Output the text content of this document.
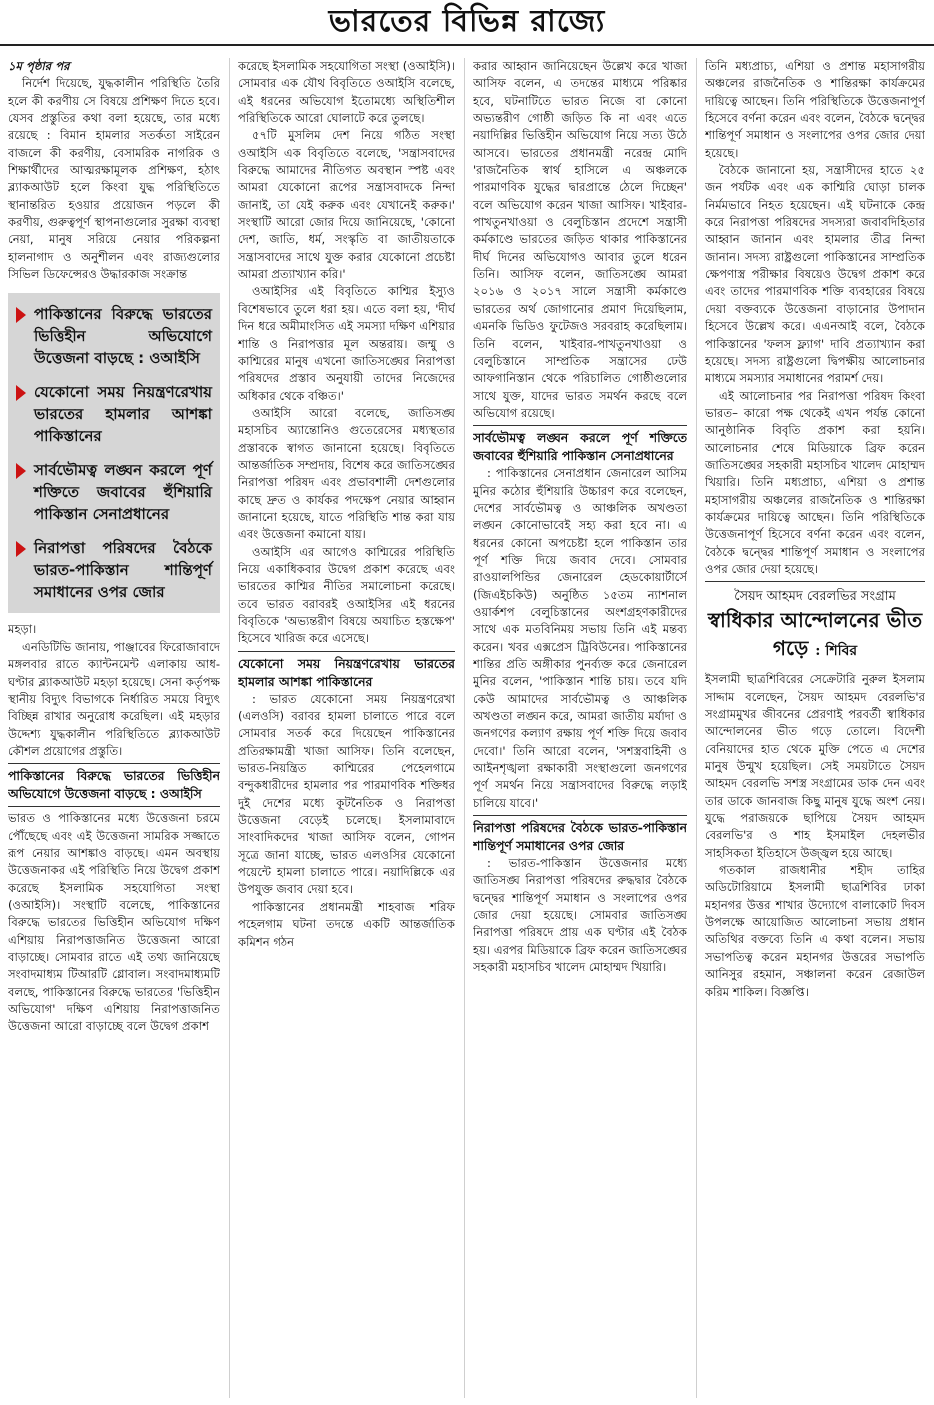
ভারতের বিভিন্ন রাজ্যে

১ম পৃষ্ঠার পর

নির্দেশ দিয়েছে, যুদ্ধকালীন পরিস্থিতি তৈরি হলে কী করণীয় সে বিষয়ে প্রশিক্ষণ দিতে হবে। যেসব প্রস্তুতির কথা বলা হয়েছে, তার মধ্যে রয়েছে : বিমান হামলার সতর্কতা সাইরেন বাজলে কী করণীয়, বেসামরিক নাগরিক ও শিক্ষার্থীদের আত্মরক্ষামূলক প্রশিক্ষণ, হঠাৎ ব্ল্যাকআউট হলে কিংবা যুদ্ধ পরিস্থিতিতে স্থানান্তরিত হওয়ার প্রয়োজন পড়লে কী করণীয়, গুরুত্বপূর্ণ স্থাপনাগুলোর সুরক্ষা ব্যবস্থা নেয়া, মানুষ সরিয়ে নেয়ার পরিকল্পনা হালনাগাদ ও অনুশীলন এবং রাজ্যগুলোর সিভিল ডিফেন্সেরও উদ্ধারকাজ সংক্রান্ত

পাকিস্তানের বিরুদ্ধে ভারতের ভিত্তিহীন অভিযোগে উত্তেজনা বাড়ছে : ওআইসি
যেকোনো সময় নিয়ন্ত্রণরেখায় ভারতের হামলার আশঙ্কা পাকিস্তানের
সার্বভৌমত্ব লঙ্ঘন করলে পূর্ণ শক্তিতে জবাবের হুঁশিয়ারি পাকিস্তান সেনাপ্রধানের
নিরাপত্তা পরিষদের বৈঠকে ভারত-পাকিস্তান শান্তিপূর্ণ সমাধানের ওপর জোর

মহড়া।

এনডিটিভি জানায়, পাঞ্জাবের ফিরোজাবাদে মঙ্গলবার রাতে ক্যান্টনমেন্ট এলাকায় আধ-ঘণ্টার ব্ল্যাকআউট মহড়া হয়েছে। সেনা কর্তৃপক্ষ স্থানীয় বিদ্যুৎ বিভাগকে নির্ধারিত সময়ে বিদ্যুৎ বিচ্ছিন্ন রাখার অনুরোধ করেছিল। এই মহড়ার উদ্দেশ্য যুদ্ধকালীন পরিস্থিতিতে ব্ল্যাকআউট কৌশল প্রয়োগের প্রস্তুতি।

পাকিস্তানের বিরুদ্ধে ভারতের ভিত্তিহীন অভিযোগে উত্তেজনা বাড়ছে : ওআইসি

ভারত ও পাকিস্তানের মধ্যে উত্তেজনা চরমে পৌঁছেছে এবং এই উত্তেজনা সামরিক সজ্জাতে রূপ নেয়ার আশঙ্কাও বাড়ছে। এমন অবস্থায় উত্তেজনাকর এই পরিস্থিতি নিয়ে উদ্বেগ প্রকাশ করেছে ইসলামিক সহযোগিতা সংস্থা (ওআইসি)। সংস্থাটি বলেছে, পাকিস্তানের বিরুদ্ধে ভারতের ভিত্তিহীন অভিযোগ দক্ষিণ এশিয়ায় নিরাপত্তাজনিত উত্তেজনা আরো বাড়াচ্ছে। সোমবার রাতে এই তথ্য জানিয়েছে সংবাদমাধ্যম টিআরটি গ্লোবাল। সংবাদমাধ্যমটি বলছে, পাকিস্তানের বিরুদ্ধে ভারতের 'ভিত্তিহীন অভিযোগ' দক্ষিণ এশিয়ায় নিরাপত্তাজনিত উত্তেজনা আরো বাড়াচ্ছে বলে উদ্বেগ প্রকাশ

করেছে ইসলামিক সহযোগিতা সংস্থা (ওআইসি)। সোমবার এক যৌথ বিবৃতিতে ওআইসি বলেছে, এই ধরনের অভিযোগ ইতোমধ্যে অস্থিতিশীল পরিস্থিতিকে আরো ঘোলাটে করে তুলছে।

৫৭টি মুসলিম দেশ নিয়ে গঠিত সংস্থা ওআইসি এক বিবৃতিতে বলেছে, 'সন্ত্রাসবাদের বিরুদ্ধে আমাদের নীতিগত অবস্থান স্পষ্ট এবং আমরা যেকোনো রূপের সন্ত্রাসবাদকে নিন্দা জানাই, তা যেই করুক এবং যেখানেই করুক।' সংস্থাটি আরো জোর দিয়ে জানিয়েছে, 'কোনো দেশ, জাতি, ধর্ম, সংস্কৃতি বা জাতীয়তাকে সন্ত্রাসবাদের সাথে যুক্ত করার যেকোনো প্রচেষ্টা আমরা প্রত্যাখ্যান করি।'

ওআইসির এই বিবৃতিতে কাশ্মির ইস্যুও বিশেষভাবে তুলে ধরা হয়। এতে বলা হয়, 'দীর্ঘ দিন ধরে অমীমাংসিত এই সমস্যা দক্ষিণ এশিয়ার শান্তি ও নিরাপত্তার মূল অন্তরায়। জম্মু ও কাশ্মিরের মানুষ এখনো জাতিসঙ্ঘের নিরাপত্তা পরিষদের প্রস্তাব অনুযায়ী তাদের নিজেদের অধিকার থেকে বঞ্চিত।'

ওআইসি আরো বলেছে, জাতিসঙ্ঘ মহাসচিব অ্যান্তোনিও গুতেরেসের মধ্যস্থতার প্রস্তাবকে স্বাগত জানানো হয়েছে। বিবৃতিতে আন্তর্জাতিক সম্প্রদায়, বিশেষ করে জাতিসঙ্ঘের নিরাপত্তা পরিষদ এবং প্রভাবশালী দেশগুলোর কাছে দ্রুত ও কার্যকর পদক্ষেপ নেয়ার আহ্বান জানানো হয়েছে, যাতে পরিস্থিতি শান্ত করা যায় এবং উত্তেজনা কমানো যায়।

ওআইসি এর আগেও কাশ্মিরের পরিস্থিতি নিয়ে একাধিকবার উদ্বেগ প্রকাশ করেছে এবং ভারতের কাশ্মির নীতির সমালোচনা করেছে। তবে ভারত বরাবরই ওআইসির এই ধরনের বিবৃতিকে 'অভ্যন্তরীণ বিষয়ে অযাচিত হস্তক্ষেপ' হিসেবে খারিজ করে এসেছে।

যেকোনো সময় নিয়ন্ত্রণরেখায় ভারতের হামলার আশঙ্কা পাকিস্তানের

: ভারত যেকোনো সময় নিয়ন্ত্রণরেখা (এলওসি) বরাবর হামলা চালাতে পারে বলে সোমবার সতর্ক করে দিয়েছেন পাকিস্তানের প্রতিরক্ষামন্ত্রী খাজা আসিফ। তিনি বলেছেন, ভারত-নিয়ন্ত্রিত কাশ্মিরের পেহেলগামে বন্দুকধারীদের হামলার পর পারমাণবিক শক্তিধর দুই দেশের মধ্যে কূটনৈতিক ও নিরাপত্তা উত্তেজনা বেড়েই চলেছে। ইসলামাবাদে সাংবাদিকদের খাজা আসিফ বলেন, গোপন সূত্রে জানা যাচ্ছে, ভারত এলওসির যেকোনো পয়েন্টে হামলা চালাতে পারে। নয়াদিল্লিকে এর উপযুক্ত জবাব দেয়া হবে।

পাকিস্তানের প্রধানমন্ত্রী শাহবাজ শরিফ পহেলগাম ঘটনা তদন্তে একটি আন্তর্জাতিক কমিশন গঠন

করার আহ্বান জানিয়েছেন উল্লেখ করে খাজা আসিফ বলেন, এ তদন্তের মাধ্যমে পরিষ্কার হবে, ঘটনাটিতে ভারত নিজে বা কোনো অভ্যন্তরীণ গোষ্ঠী জড়িত কি না এবং এতে নয়াদিল্লির ভিত্তিহীন অভিযোগ নিয়ে সত্য উঠে আসবে। ভারতের প্রধানমন্ত্রী নরেন্দ্র মোদি 'রাজনৈতিক স্বার্থ হাসিলে এ অঞ্চলকে পারমাণবিক যুদ্ধের দ্বারপ্রান্তে ঠেলে দিচ্ছেন' বলে অভিযোগ করেন খাজা আসিফ। খাইবার-পাখতুনখাওয়া ও বেলুচিস্তান প্রদেশে সন্ত্রাসী কর্মকাণ্ডে ভারতের জড়িত থাকার পাকিস্তানের দীর্ঘ দিনের অভিযোগও আবার তুলে ধরেন তিনি। আসিফ বলেন, জাতিসঙ্ঘে আমরা ২০১৬ ও ২০১৭ সালে সন্ত্রাসী কর্মকাণ্ডে ভারতের অর্থ জোগানোর প্রমাণ দিয়েছিলাম, এমনকি ভিডিও ফুটেজও সরবরাহ করেছিলাম। তিনি বলেন, খাইবার-পাখতুনখাওয়া ও বেলুচিস্তানে সাম্প্রতিক সন্ত্রাসের ঢেউ আফগানিস্তান থেকে পরিচালিত গোষ্ঠীগুলোর সাথে যুক্ত, যাদের ভারত সমর্থন করছে বলে অভিযোগ রয়েছে।

সার্বভৌমত্ব লঙ্ঘন করলে পূর্ণ শক্তিতে জবাবের হুঁশিয়ারি পাকিস্তান সেনাপ্রধানের

: পাকিস্তানের সেনাপ্রধান জেনারেল আসিম মুনির কঠোর হুঁশিয়ারি উচ্চারণ করে বলেছেন, দেশের সার্বভৌমত্ব ও আঞ্চলিক অখণ্ডতা লঙ্ঘন কোনোভাবেই সহ্য করা হবে না। এ ধরনের কোনো অপচেষ্টা হলে পাকিস্তান তার পূর্ণ শক্তি দিয়ে জবাব দেবে। সোমবার রাওয়ালপিন্ডির জেনারেল হেডকোয়ার্টার্সে (জিএইচকিউ) অনুষ্ঠিত ১৫তম ন্যাশনাল ওয়ার্কশপ বেলুচিস্তানের অংশগ্রহণকারীদের সাথে এক মতবিনিময় সভায় তিনি এই মন্তব্য করেন। খবর এক্সপ্রেস ট্রিবিউনের। পাকিস্তানের শান্তির প্রতি অঙ্গীকার পুনর্ব্যক্ত করে জেনারেল মুনির বলেন, 'পাকিস্তান শান্তি চায়। তবে যদি কেউ আমাদের সার্বভৌমত্ব ও আঞ্চলিক অখণ্ডতা লঙ্ঘন করে, আমরা জাতীয় মর্যাদা ও জনগণের কল্যাণ রক্ষায় পূর্ণ শক্তি দিয়ে জবাব দেবো।' তিনি আরো বলেন, 'সশস্ত্রবাহিনী ও আইনশৃঙ্খলা রক্ষাকারী সংস্থাগুলো জনগণের পূর্ণ সমর্থন নিয়ে সন্ত্রাসবাদের বিরুদ্ধে লড়াই চালিয়ে যাবে।'

নিরাপত্তা পরিষদের বৈঠকে ভারত-পাকিস্তান শান্তিপূর্ণ সমাধানের ওপর জোর

: ভারত-পাকিস্তান উত্তেজনার মধ্যে জাতিসঙ্ঘ নিরাপত্তা পরিষদের রুদ্ধদ্বার বৈঠকে দ্বন্দ্বের শান্তিপূর্ণ সমাধান ও সংলাপের ওপর জোর দেয়া হয়েছে। সোমবার জাতিসঙ্ঘ নিরাপত্তা পরিষদে প্রায় এক ঘণ্টার এই বৈঠক হয়। এরপর মিডিয়াকে ব্রিফ করেন জাতিসঙ্ঘের সহকারী মহাসচিব খালেদ মোহাম্মদ খিয়ারি।

তিনি মধ্যপ্রাচ্য, এশিয়া ও প্রশান্ত মহাসাগরীয় অঞ্চলের রাজনৈতিক ও শান্তিরক্ষা কার্যক্রমের দায়িত্বে আছেন। তিনি পরিস্থিতিকে উত্তেজনাপূর্ণ হিসেবে বর্ণনা করেন এবং বলেন, বৈঠকে দ্বন্দ্বের শান্তিপূর্ণ সমাধান ও সংলাপের ওপর জোর দেয়া হয়েছে।

বৈঠকে জানানো হয়, সন্ত্রাসীদের হাতে ২৫ জন পর্যটক এবং এক কাশ্মিরি ঘোড়া চালক নির্মমভাবে নিহত হয়েছেন। এই ঘটনাকে কেন্দ্র করে নিরাপত্তা পরিষদের সদস্যরা জবাবদিহিতার আহ্বান জানান এবং হামলার তীব্র নিন্দা জানান। সদস্য রাষ্ট্রগুলো পাকিস্তানের সাম্প্রতিক ক্ষেপণাস্ত্র পরীক্ষার বিষয়েও উদ্বেগ প্রকাশ করে এবং তাদের পারমাণবিক শক্তি ব্যবহারের বিষয়ে দেয়া বক্তব্যকে উত্তেজনা বাড়ানোর উপাদান হিসেবে উল্লেখ করে। এএনআই বলে, বৈঠকে পাকিস্তানের 'ফলস ফ্ল্যাগ' দাবি প্রত্যাখ্যান করা হয়েছে। সদস্য রাষ্ট্রগুলো দ্বিপক্ষীয় আলোচনার মাধ্যমে সমস্যার সমাধানের পরামর্শ দেয়।

এই আলোচনার পর নিরাপত্তা পরিষদ কিংবা ভারত– কারো পক্ষ থেকেই এখন পর্যন্ত কোনো আনুষ্ঠানিক বিবৃতি প্রকাশ করা হয়নি। আলোচনার শেষে মিডিয়াকে ব্রিফ করেন জাতিসঙ্ঘের সহকারী মহাসচিব খালেদ মোহাম্মদ খিয়ারি। তিনি মধ্যপ্রাচ্য, এশিয়া ও প্রশান্ত মহাসাগরীয় অঞ্চলের রাজনৈতিক ও শান্তিরক্ষা কার্যক্রমের দায়িত্বে আছেন। তিনি পরিস্থিতিকে উত্তেজনাপূর্ণ হিসেবে বর্ণনা করেন এবং বলেন, বৈঠকে দ্বন্দ্বের শান্তিপূর্ণ সমাধান ও সংলাপের ওপর জোর দেয়া হয়েছে।

সৈয়দ আহমদ বেরলভির সংগ্রাম
স্বাধিকার আন্দোলনের ভীত গড়ে : শিবির

ইসলামী ছাত্রশিবিরের সেক্রেটারি নুরুল ইসলাম সাদ্দাম বলেছেন, সৈয়দ আহমদ বেরলভি'র সংগ্রামমুখর জীবনের প্রেরণাই পরবর্তী স্বাধিকার আন্দোলনের ভীত গড়ে তোলে। বিদেশী বেনিয়াদের হাত থেকে মুক্তি পেতে এ দেশের মানুষ উন্মুখ হয়েছিল। সেই সময়টাতে সৈয়দ আহমদ বেরলভি সশস্ত্র সংগ্রামের ডাক দেন এবং তার ডাকে জানবাজ কিছু মানুষ যুদ্ধে অংশ নেয়। যুদ্ধে পরাজয়কে ছাপিয়ে সৈয়দ আহমদ বেরলভি'র ও শাহ ইসমাইল দেহলভীর সাহসিকতা ইতিহাসে উজ্জ্বল হয়ে আছে।

গতকাল রাজধানীর শহীদ তাহির অডিটোরিয়ামে ইসলামী ছাত্রশিবির ঢাকা মহানগর উত্তর শাখার উদ্যোগে বালাকোট দিবস উপলক্ষে আয়োজিত আলোচনা সভায় প্রধান অতিথির বক্তব্যে তিনি এ কথা বলেন। সভায় সভাপতিত্ব করেন মহানগর উত্তরের সভাপতি আনিসুর রহমান, সঞ্চালনা করেন রেজাউল করিম শাকিল। বিজ্ঞপ্তি।
